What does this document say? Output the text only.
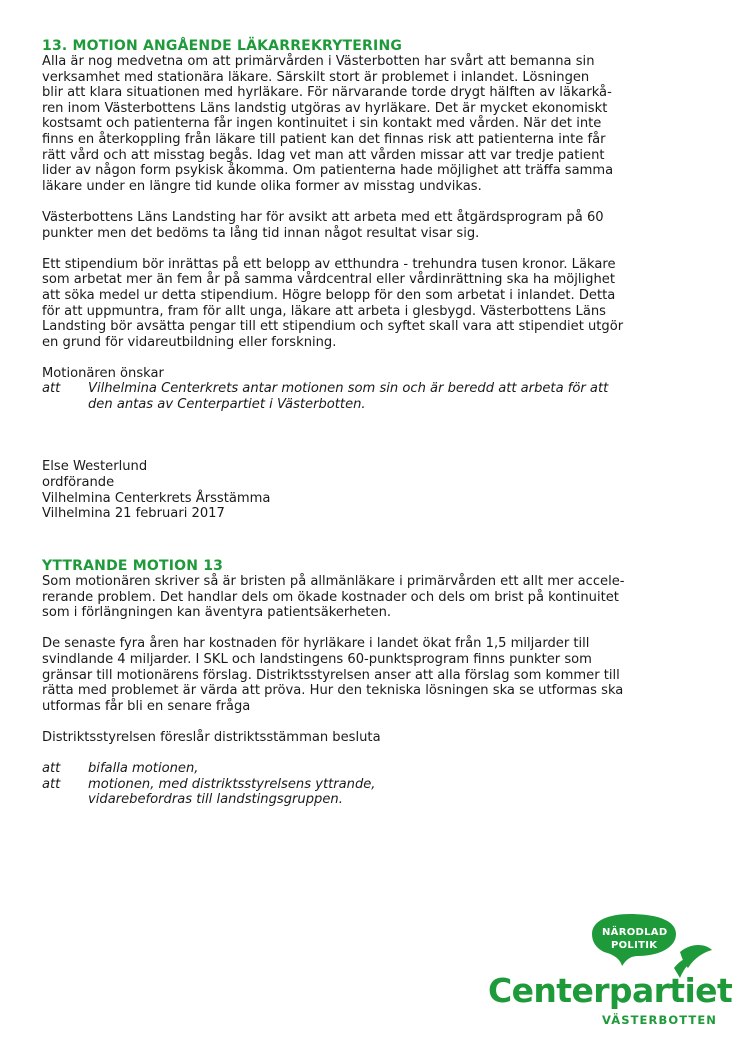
13. MOTION ANGÅENDE LÄKARREKRYTERING

Alla är nog medvetna om att primärvården i Västerbotten har svårt att bemanna sin
verksamhet med stationära läkare. Särskilt stort är problemet i inlandet. Lösningen
blir att klara situationen med hyrläkare. För närvarande torde drygt hälften av läkarkå-
ren inom Västerbottens Läns landstig utgöras av hyrläkare. Det är mycket ekonomiskt
kostsamt och patienterna får ingen kontinuitet i sin kontakt med vården. När det inte
finns en återkoppling från läkare till patient kan det finnas risk att patienterna inte får
rätt vård och att misstag begås. Idag vet man att vården missar att var tredje patient
lider av någon form psykisk åkomma. Om patienterna hade möjlighet att träffa samma
läkare under en längre tid kunde olika former av misstag undvikas.

Västerbottens Läns Landsting har för avsikt att arbeta med ett åtgärdsprogram på 60
punkter men det bedöms ta lång tid innan något resultat visar sig.

Ett stipendium bör inrättas på ett belopp av etthundra - trehundra tusen kronor. Läkare
som arbetat mer än fem år på samma vårdcentral eller vårdinrättning ska ha möjlighet
att söka medel ur detta stipendium. Högre belopp för den som arbetat i inlandet. Detta
för att uppmuntra, fram för allt unga, läkare att arbeta i glesbygd. Västerbottens Läns
Landsting bör avsätta pengar till ett stipendium och syftet skall vara att stipendiet utgör
en grund för vidareutbildning eller forskning.

Motionären önskar

att	Vilhelmina Centerkrets antar motionen som sin och är beredd att arbeta för att
den antas av Centerpartiet i Västerbotten.
Else Westerlund
ordförande
Vilhelmina Centerkrets Årsstämma
Vilhelmina 21 februari 2017
YTTRANDE MOTION 13

Som motionären skriver så är bristen på allmänläkare i primärvården ett allt mer accele-
rerande problem. Det handlar dels om ökade kostnader och dels om brist på kontinuitet
som i förlängningen kan äventyra patientsäkerheten.

De senaste fyra åren har kostnaden för hyrläkare i landet ökat från 1,5 miljarder till
svindlande 4 miljarder. I SKL och landstingens 60-punktsprogram finns punkter som
gränsar till motionärens förslag. Distriktsstyrelsen anser att alla förslag som kommer till
rätta med problemet är värda att pröva. Hur den tekniska lösningen ska se utformas ska
utformas får bli en senare fråga

Distriktsstyrelsen föreslår distriktsstämman besluta

att	bifalla motionen,
att	motionen, med distriktsstyrelsens yttrande,
vidarebefordras till landstingsgruppen.
NÄRODLAD
POLITIK
Centerpartiet
VÄSTERBOTTEN
